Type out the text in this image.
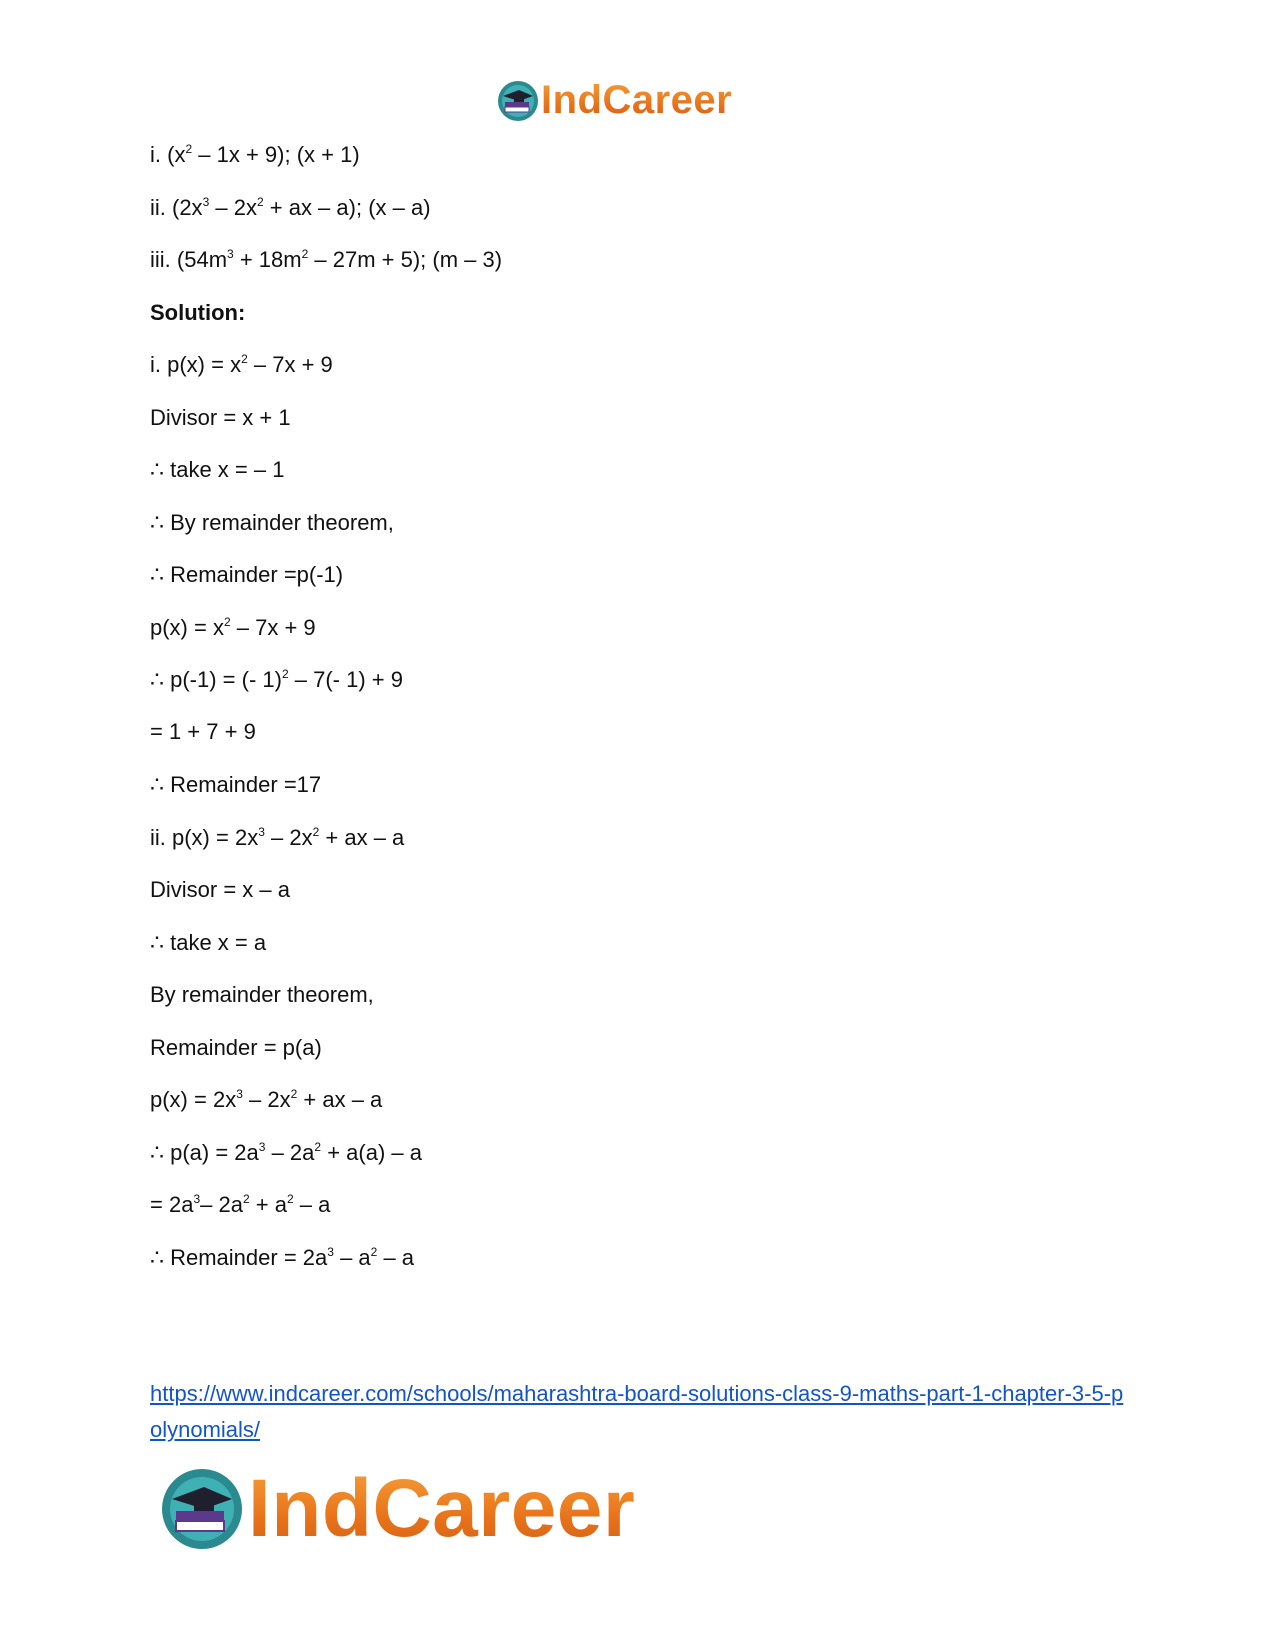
IndCareer
i. $(x^2 - 1x + 9)$; (x + 1)
ii. ($2x^3 - 2x^2$ + ax – a); (x – a)
iii. $(54m^3 + 18m^2 - 27m + 5)$; (m – 3)
Solution:
i. $p(x) = x^2 - 7x + 9$
Divisor = x + 1
∴ take x = – 1
∴ By remainder theorem,
∴ Remainder =p(-1)
$p(x) = x^2 - 7x + 9$
∴ p(-1) = (- 1)$^2$ – 7(- 1) + 9
= 1 + 7 + 9
∴ Remainder =17
ii. $p(x) = 2x^3 - 2x^2$ + ax – a
Divisor = x – a
∴ take x = a
By remainder theorem,
Remainder = p(a)
$p(x) = 2x^3 - 2x^2$ + ax – a
∴ $p(a) = 2a^3 - 2a^2 + a(a) - a$
= $2a^3-$ $2a^2 + a^2 - a$
∴ Remainder = $2a^3 - a^2$ – a
https://www.indcareer.com/schools/maharashtra-board-solutions-class-9-maths-part-1-chapter-3-5-polynomials/
IndCareer
